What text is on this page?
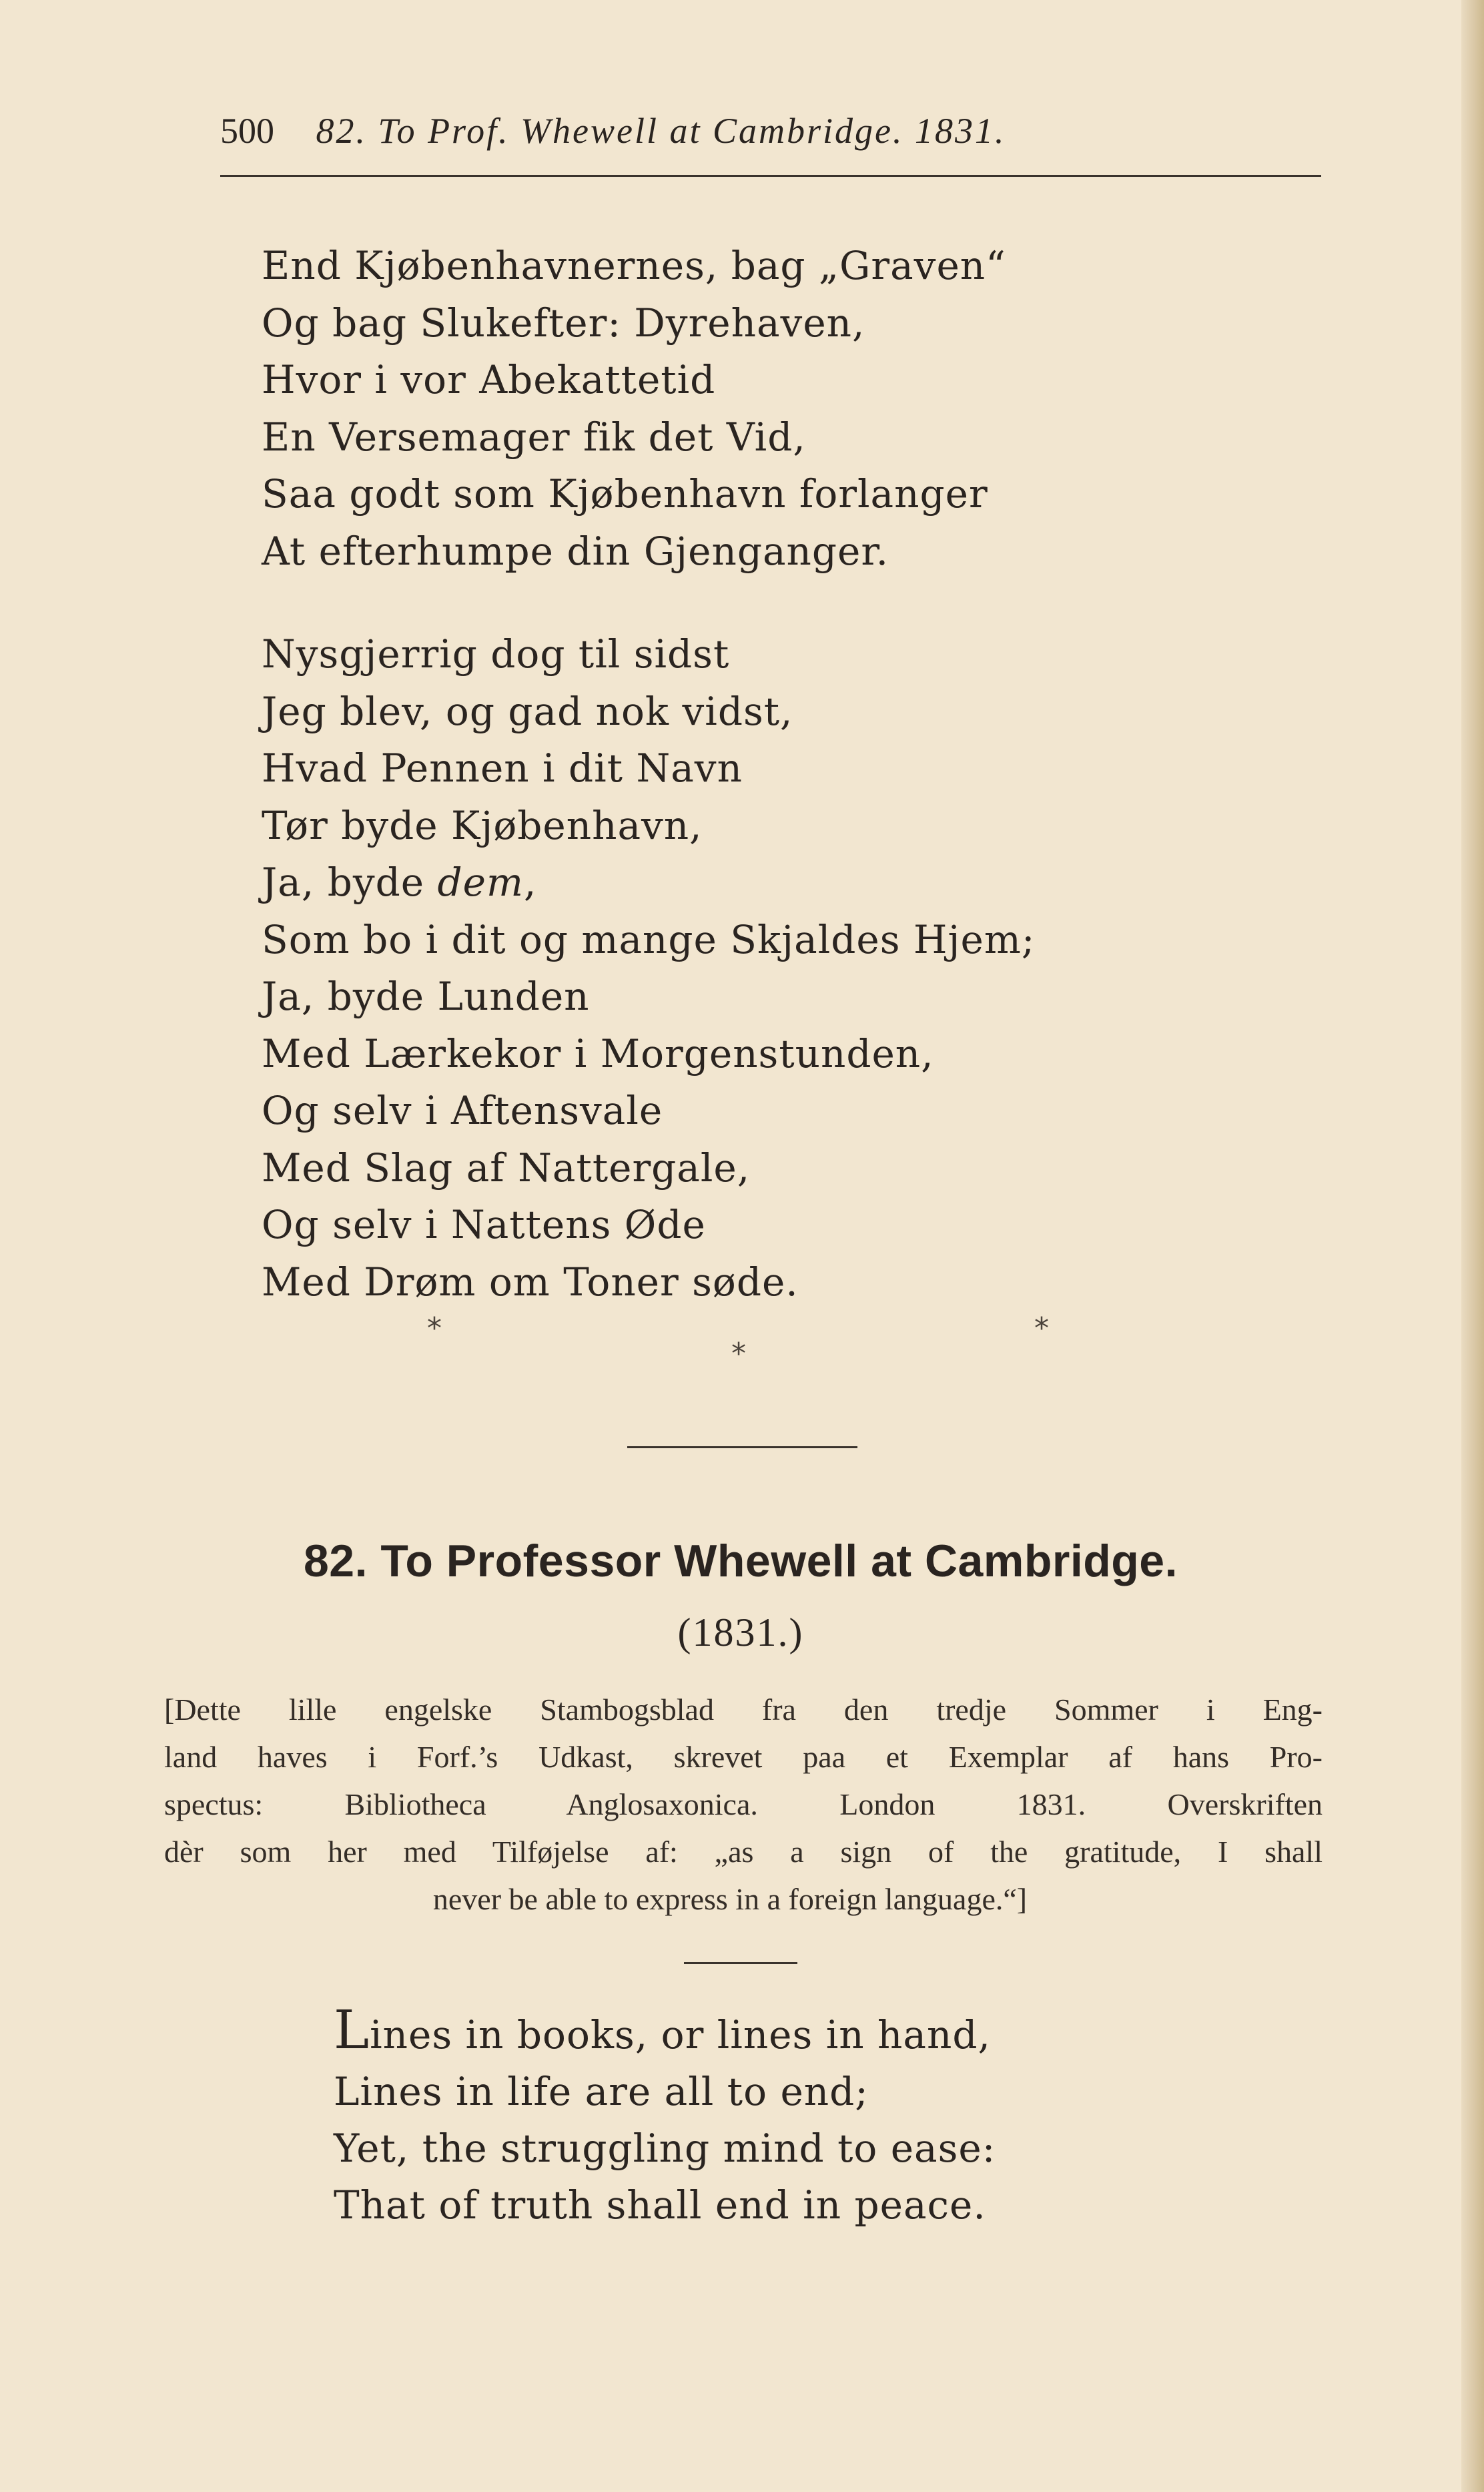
500 82. To Prof. Whewell at Cambridge. 1831.
End Kjøbenhavnernes, bag „Graven“
Og bag Slukefter: Dyrehaven,
Hvor i vor Abekattetid
En Versemager fik det Vid,
Saa godt som Kjøbenhavn forlanger
At efterhumpe din Gjenganger.
Nysgjerrig dog til sidst
Jeg blev, og gad nok vidst,
Hvad Pennen i dit Navn
Tør byde Kjøbenhavn,
Ja, byde dem,
Som bo i dit og mange Skjaldes Hjem;
Ja, byde Lunden
Med Lærkekor i Morgenstunden,
Og selv i Aftensvale
Med Slag af Nattergale,
Og selv i Nattens Øde
Med Drøm om Toner søde.
*	*
*
82. To Professor Whewell at Cambridge.
(1831.)
[Dette lille engelske Stambogsblad fra den tredje Sommer i Eng-
land haves i Forf.’s Udkast, skrevet paa et Exemplar af hans Pro-
spectus: Bibliotheca Anglosaxonica. London 1831. Overskriften
dèr som her med Tilføjelse af: „as a sign of the gratitude, I shall
never be able to express in a foreign language.“]
Lines in books, or lines in hand,
Lines in life are all to end;
Yet, the struggling mind to ease:
That of truth shall end in peace.
